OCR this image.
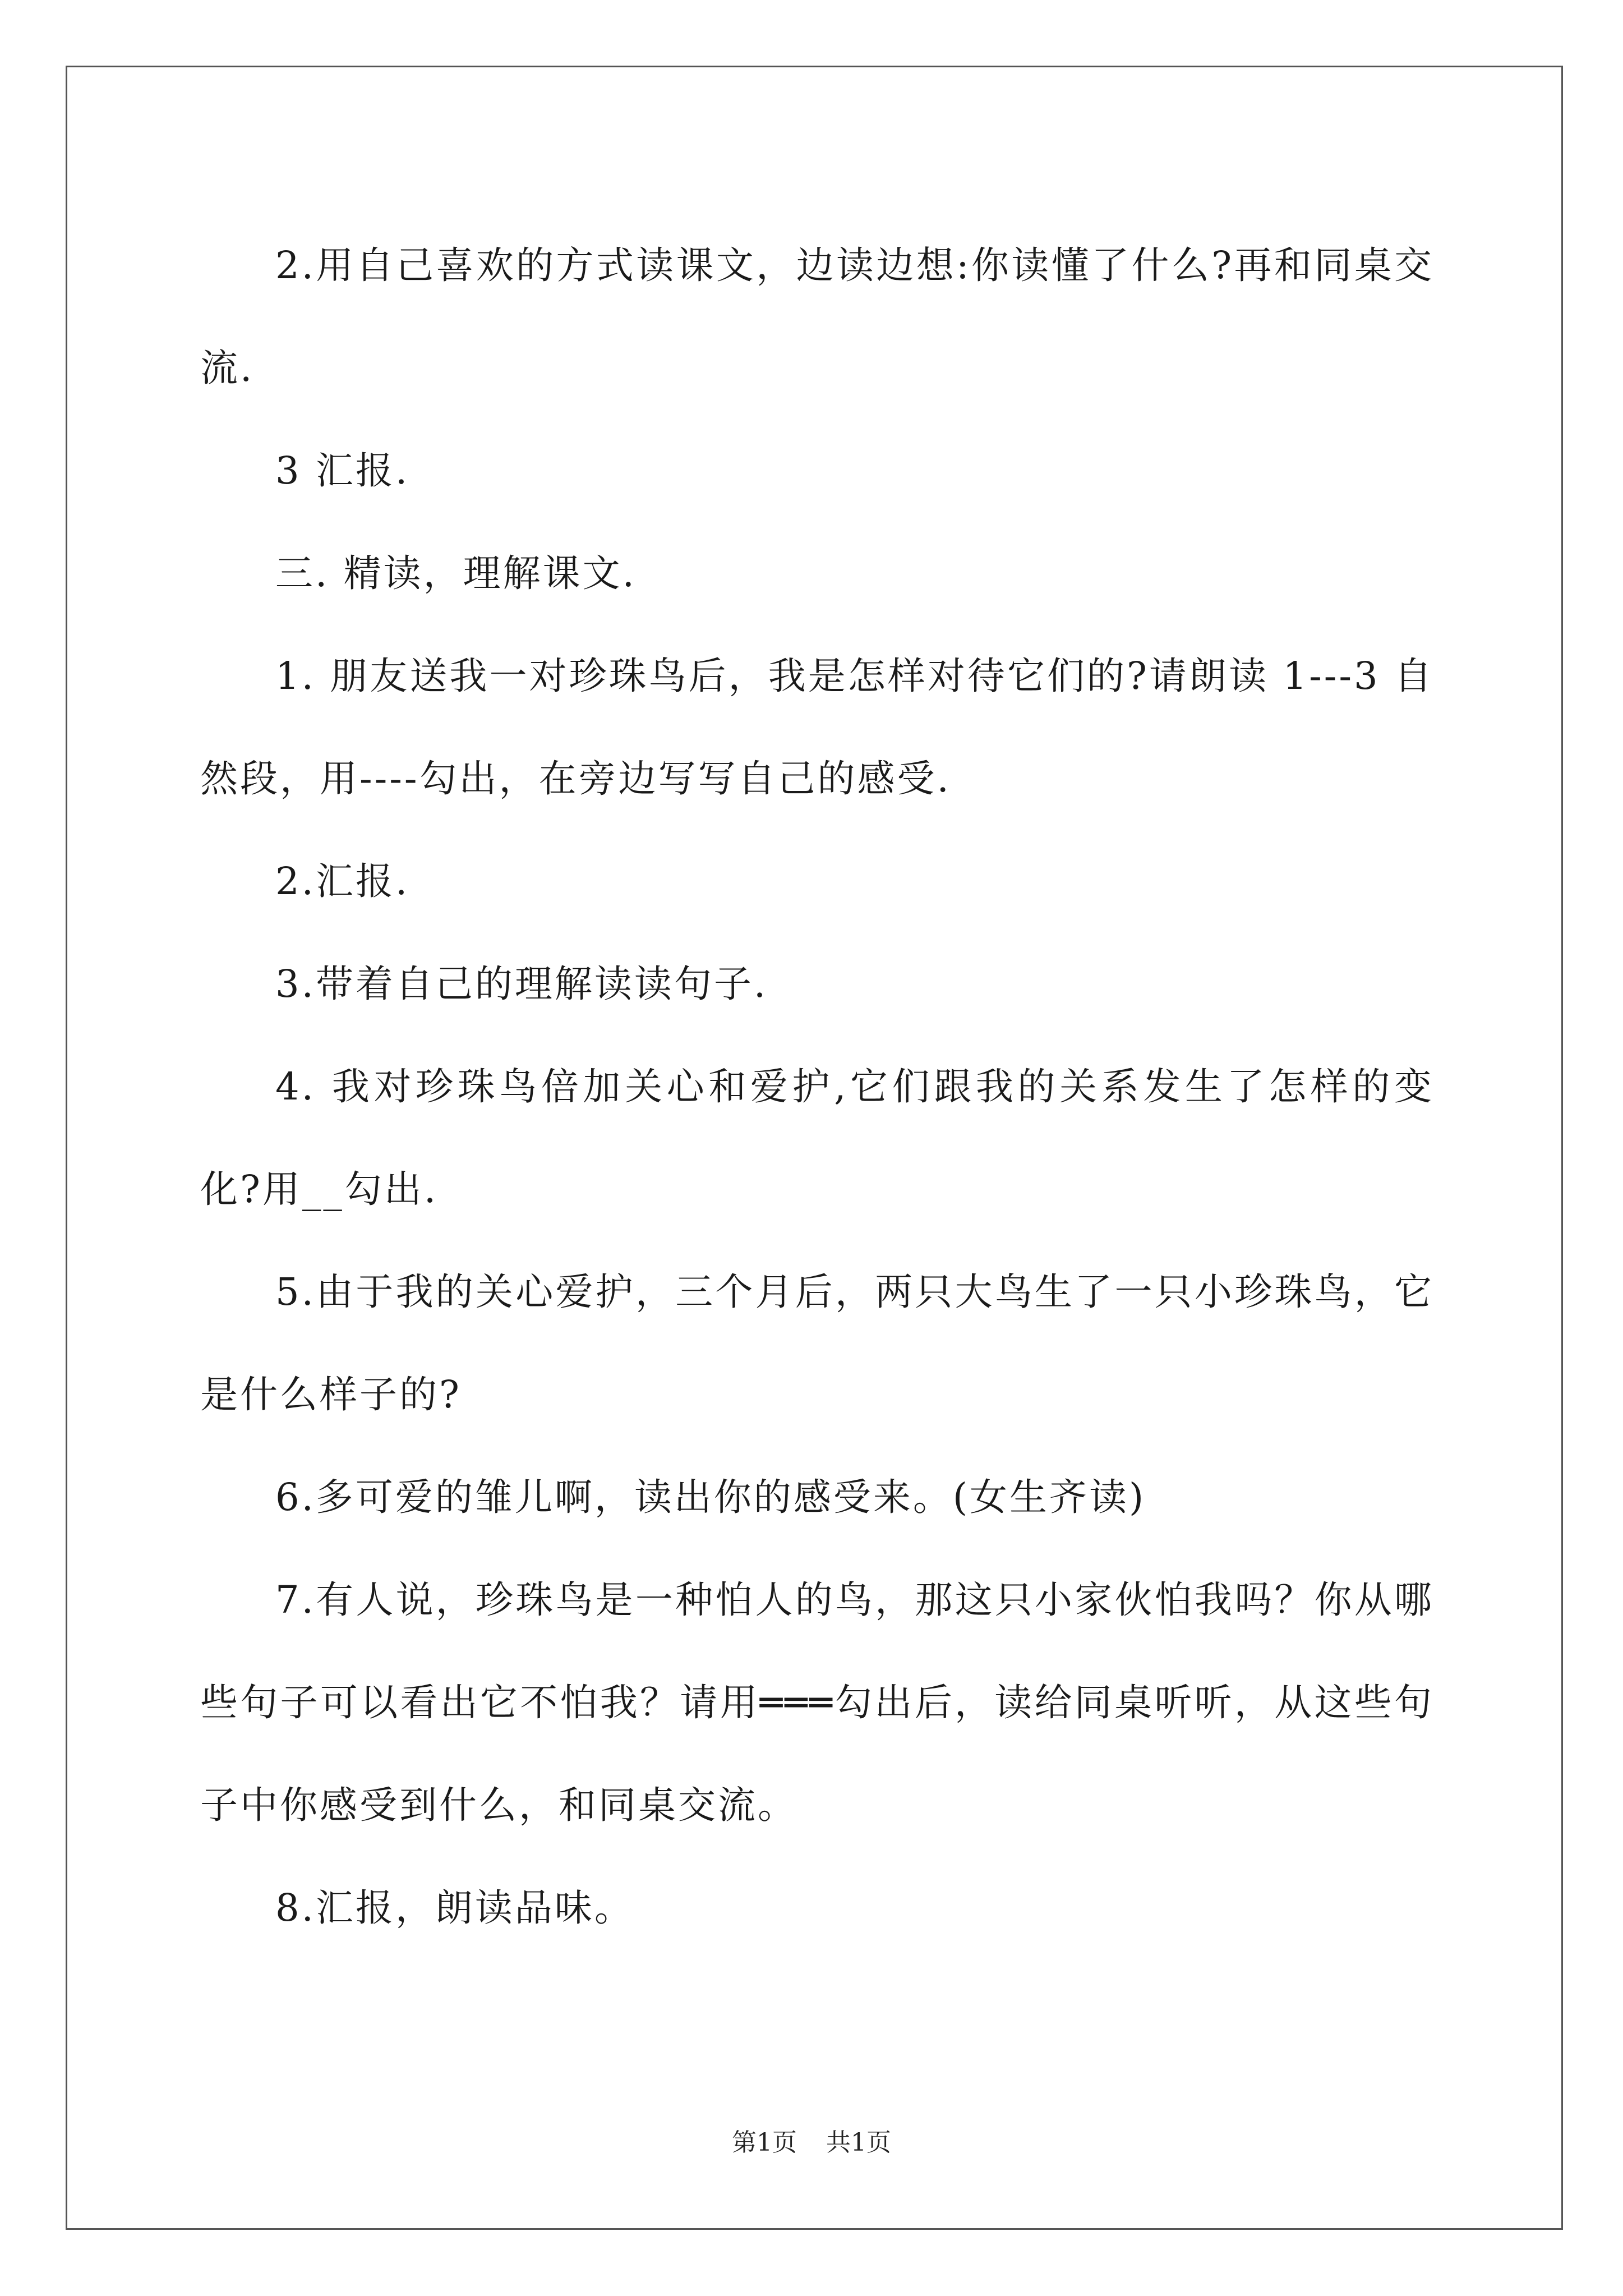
2.用自己喜欢的方式读课文，边读边想:你读懂了什么?再和同桌交流.

3 汇报.

三. 精读，理解课文.

1. 朋友送我一对珍珠鸟后，我是怎样对待它们的?请朗读 1---3 自然段，用----勾出，在旁边写写自己的感受.

2.汇报.

3.带着自己的理解读读句子.

4. 我对珍珠鸟倍加关心和爱护,它们跟我的关系发生了怎样的变化?用__勾出.

5.由于我的关心爱护，三个月后，两只大鸟生了一只小珍珠鸟，它是什么样子的?

6.多可爱的雏儿啊，读出你的感受来。(女生齐读)

7.有人说，珍珠鸟是一种怕人的鸟，那这只小家伙怕我吗？你从哪些句子可以看出它不怕我？请用═══勾出后，读给同桌听听，从这些句子中你感受到什么，和同桌交流。

8.汇报，朗读品味。

第1页 共1页
